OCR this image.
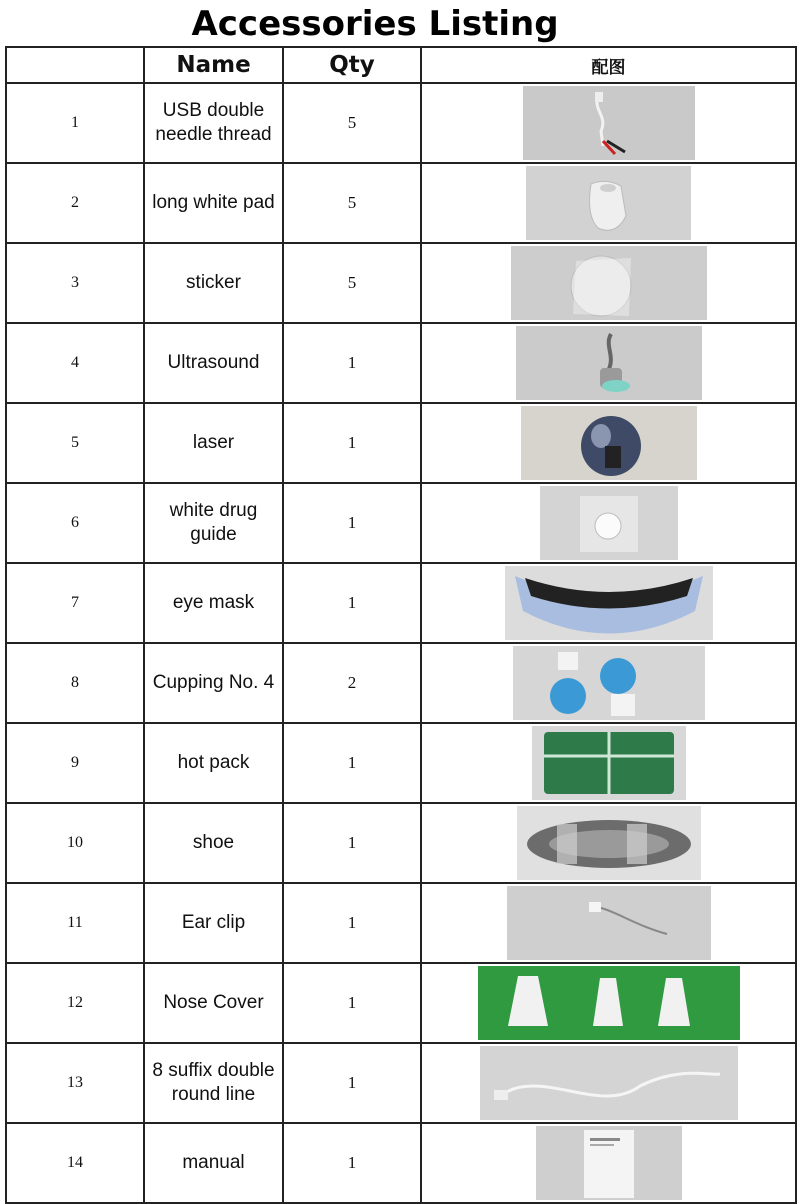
Accessories Listing
	Name	Qty	配图
1	USB double needle thread	5	

2	long white pad	5	

3	sticker	5	

4	Ultrasound	1	

5	laser	1	

6	white drug guide	1	

7	eye mask	1	

8	Cupping No. 4	2	

9	hot pack	1	

10	shoe	1	

11	Ear clip	1	

12	Nose Cover	1	

13	8 suffix double round line	1	

14	manual	1	
